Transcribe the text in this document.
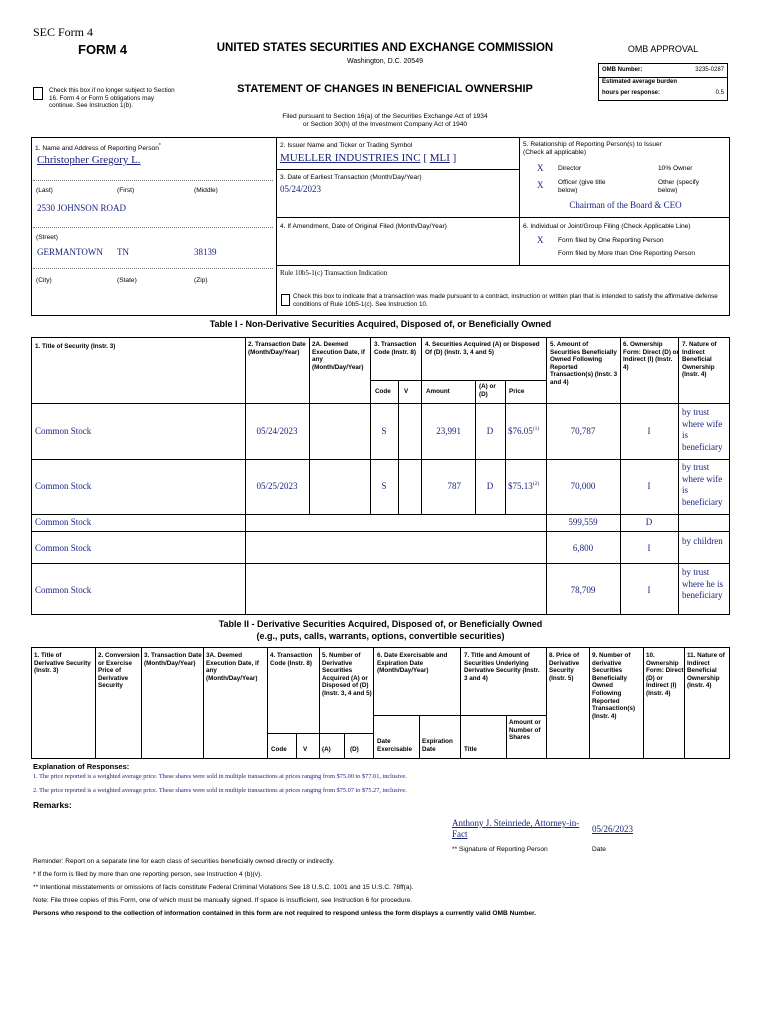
SEC Form 4
FORM 4	UNITED STATES SECURITIES AND EXCHANGE COMMISSION
Washington, D.C. 20549
Check this box if no longer subject to Section 16. Form 4 or Form 5 obligations may continue. See Instruction 1(b).
STATEMENT OF CHANGES IN BENEFICIAL OWNERSHIP
Filed pursuant to Section 16(a) of the Securities Exchange Act of 1934
or Section 30(h) of the Investment Company Act of 1940
OMB APPROVAL
OMB Number:	3235-0287
Estimated average burden
hours per response:	0.5
1. Name and Address of Reporting Person*
Christopher Gregory L.
(Last)	(First)	(Middle)
2530 JOHNSON ROAD
(Street)
GERMANTOWN TN	38139
(City)	(State)	(Zip)
2. Issuer Name and Ticker or Trading Symbol
MUELLER INDUSTRIES INC [ MLI ]
3. Date of Earliest Transaction (Month/Day/Year)
05/24/2023
4. If Amendment, Date of Original Filed (Month/Day/Year)
Rule 10b5-1(c) Transaction Indication
Check this box to indicate that a transaction was made pursuant to a contract, instruction or written plan that is intended to satisfy the affirmative defense conditions of Rule 10b5-1(c). See Instruction 10.
5. Relationship of Reporting Person(s) to Issuer
(Check all applicable)
X Director	10% Owner
X Officer (give title below)
Other (specify below)
Chairman of the Board & CEO
6. Individual or Joint/Group Filing (Check Applicable Line)
X Form filed by One Reporting Person
Form filed by More than One Reporting Person
Table I - Non-Derivative Securities Acquired, Disposed of, or Beneficially Owned
1. Title of Security (Instr. 3)	2. Transaction Date (Month/Day/Year)
2A. Deemed Execution Date, if any (Month/Day/Year)
3. Transaction Code (Instr. 8)
4. Securities Acquired (A) or Disposed Of (D) (Instr. 3, 4 and 5)
5. Amount of Securities Beneficially Owned Following Reported Transaction(s) (Instr. 3 and 4)
6. Ownership Form: Direct (D) or Indirect (I) (Instr. 4)
7. Nature of Indirect Beneficial Ownership (Instr. 4)
Code V	Amount
(A) or (D)	Price
Common Stock	05/24/2023	S	23,991	D	$76.05$^{(1)}$	70,787	I
by trust where wife is beneficiary
Common Stock	05/25/2023	S	787	D	$75.13$^{(2)}$	70,000	I
by trust where wife is beneficiary
Common Stock	599,559	D
Common Stock	6,800	I
by children
Common Stock	78,709	I
by trust where he is beneficiary
Table II - Derivative Securities Acquired, Disposed of, or Beneficially Owned
(e.g., puts, calls, warrants, options, convertible securities)
1. Title of Derivative Security (Instr. 3)
2. Conversion or Exercise Price of Derivative Security
3. Transaction Date (Month/Day/Year)
3A. Deemed Execution Date, if any (Month/Day/Year)
4. Transaction Code (Instr. 8)
5. Number of Derivative Securities Acquired (A) or Disposed of (D) (Instr. 3, 4 and 5)
6. Date Exercisable and Expiration Date (Month/Day/Year)
7. Title and Amount of Securities Underlying Derivative Security (Instr. 3 and 4)
8. Price of Derivative Security (Instr. 5)
9. Number of derivative Securities Beneficially Owned Following Reported Transaction(s) (Instr. 4)
10. Ownership Form: Direct (D) or Indirect (I) (Instr. 4)
11. Nature of Indirect Beneficial Ownership (Instr. 4)
Code	V (A)	(D)
Date Exercisable
Expiration Date	Title
Amount or Number of Shares
Explanation of Responses:
1. The price reported is a weighted average price. These shares were sold in multiple transactions at prices ranging from $75.00 to $77.01, inclusive.
2. The price reported is a weighted average price. These shares were sold in multiple transactions at prices ranging from $75.07 to $75.27, inclusive.
Remarks:
Anthony J. Steinriede, Attorney-in-Fact	05/26/2023
** Signature of Reporting Person	Date
Reminder: Report on a separate line for each class of securities beneficially owned directly or indirectly.
* If the form is filed by more than one reporting person, see Instruction 4 (b)(v).
** Intentional misstatements or omissions of facts constitute Federal Criminal Violations See 18 U.S.C. 1001 and 15 U.S.C. 78ff(a).
Note: File three copies of this Form, one of which must be manually signed. If space is insufficient, see Instruction 6 for procedure.
Persons who respond to the collection of information contained in this form are not required to respond unless the form displays a currently valid OMB Number.
